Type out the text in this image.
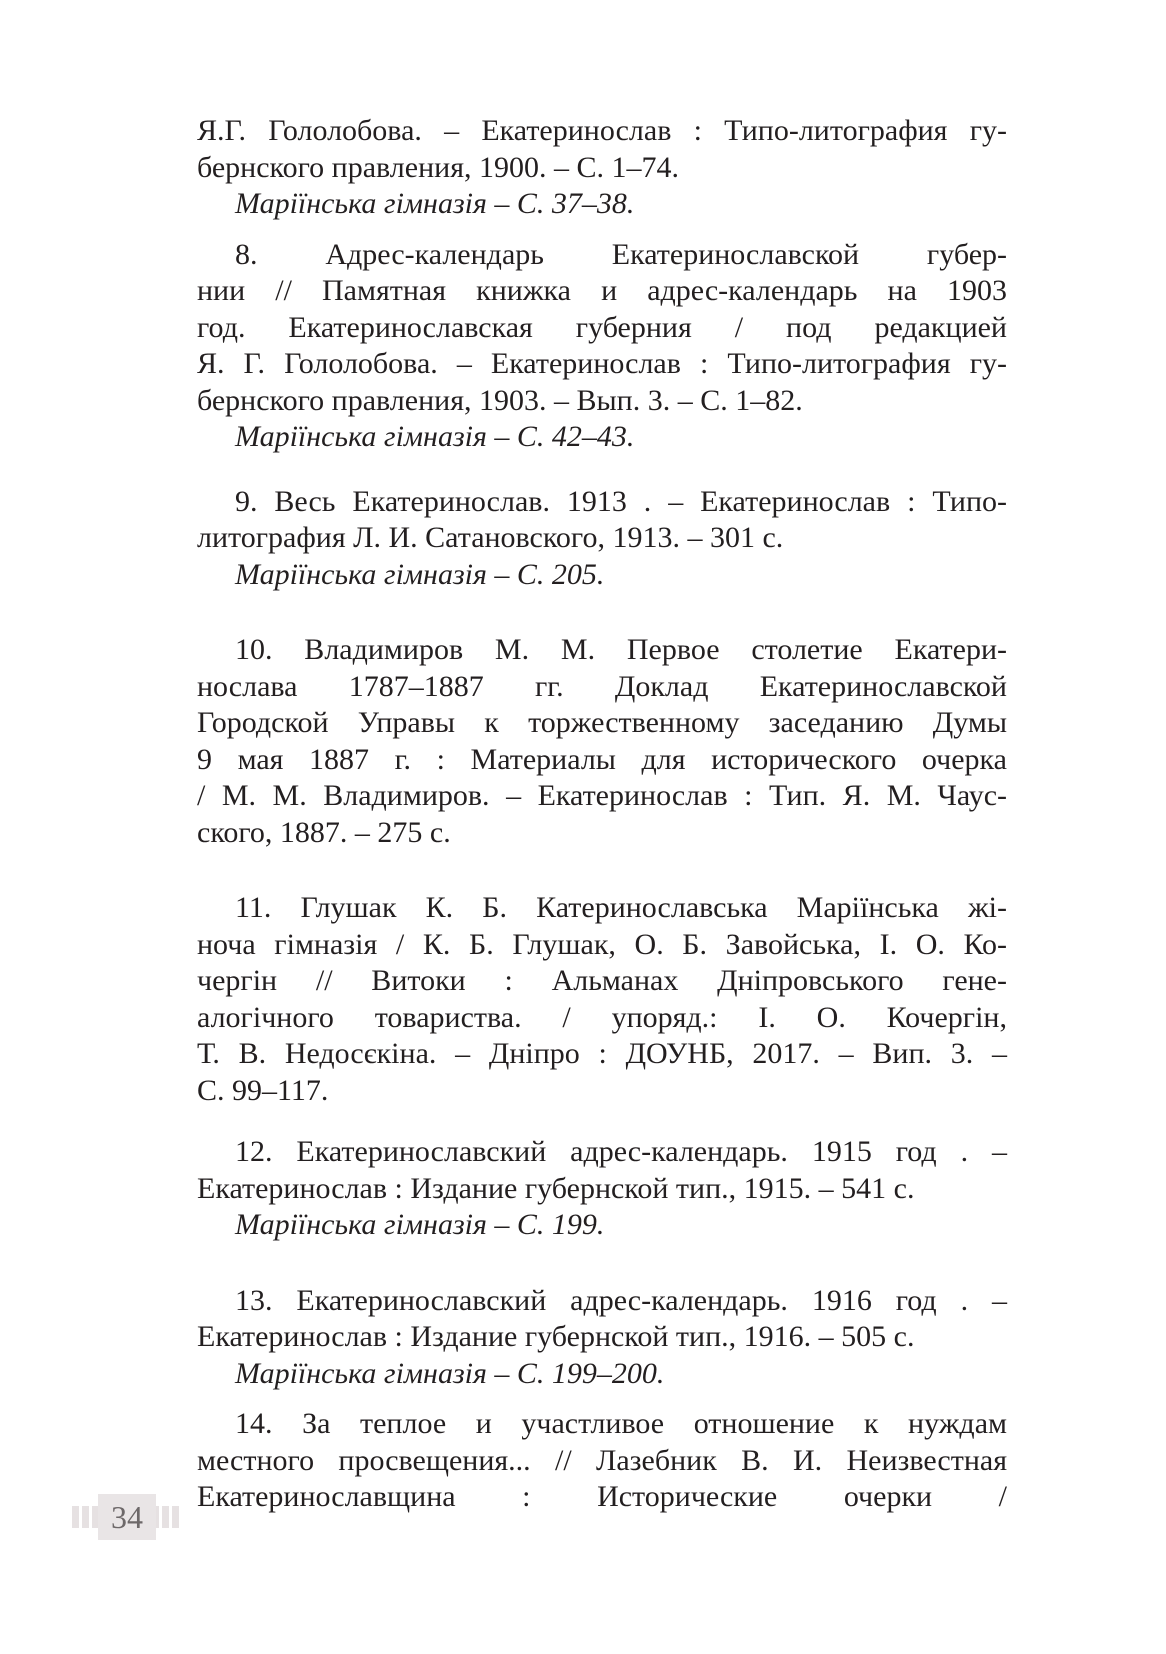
Я.Г. Гололобова. – Екатеринослав : Типо-литография гу-
бернского правления, 1900. – С. 1–74.
Маріїнська гімназія – С. 37–38.
8. Адрес-календарь Екатеринославской губер-
нии // Памятная книжка и адрес-календарь на 1903
год. Екатеринославская губерния / под редакцией
Я. Г. Гололобова. – Екатеринослав : Типо-литография гу-
бернского правления, 1903. – Вып. 3. – С. 1–82.
Маріїнська гімназія – С. 42–43.
9. Весь Екатеринослав. 1913 . – Екатеринослав : Типо-
литография Л. И. Сатановского, 1913. – 301 с.
Маріїнська гімназія – С. 205.
10. Владимиров М. М. Первое столетие Екатери-
нослава 1787–1887 гг. Доклад Екатеринославской
Городской Управы к торжественному заседанию Думы
9 мая 1887 г. : Материалы для исторического очерка
/ М. М. Владимиров. – Екатеринослав : Тип. Я. М. Чаус-
ского, 1887. – 275 с.
11. Глушак К. Б. Катеринославська Маріїнська жі-
ноча гімназія / К. Б. Глушак, О. Б. Завойська, І. О. Ко-
чергін // Витоки : Альманах Дніпровського гене-
алогічного товариства. / упоряд.: І. О. Кочергін,
Т. В. Недосєкіна. – Дніпро : ДОУНБ, 2017. – Вип. 3. –
С. 99–117.
12. Екатеринославский адрес-календарь. 1915 год . –
Екатеринослав : Издание губернской тип., 1915. – 541 с.
Маріїнська гімназія – С. 199.
13. Екатеринославский адрес-календарь. 1916 год . –
Екатеринослав : Издание губернской тип., 1916. – 505 с.
Маріїнська гімназія – С. 199–200.
14. За теплое и участливое отношение к нуждам
местного просвещения... // Лазебник В. И. Неизвестная
Екатеринославщина : Исторические очерки /
34
